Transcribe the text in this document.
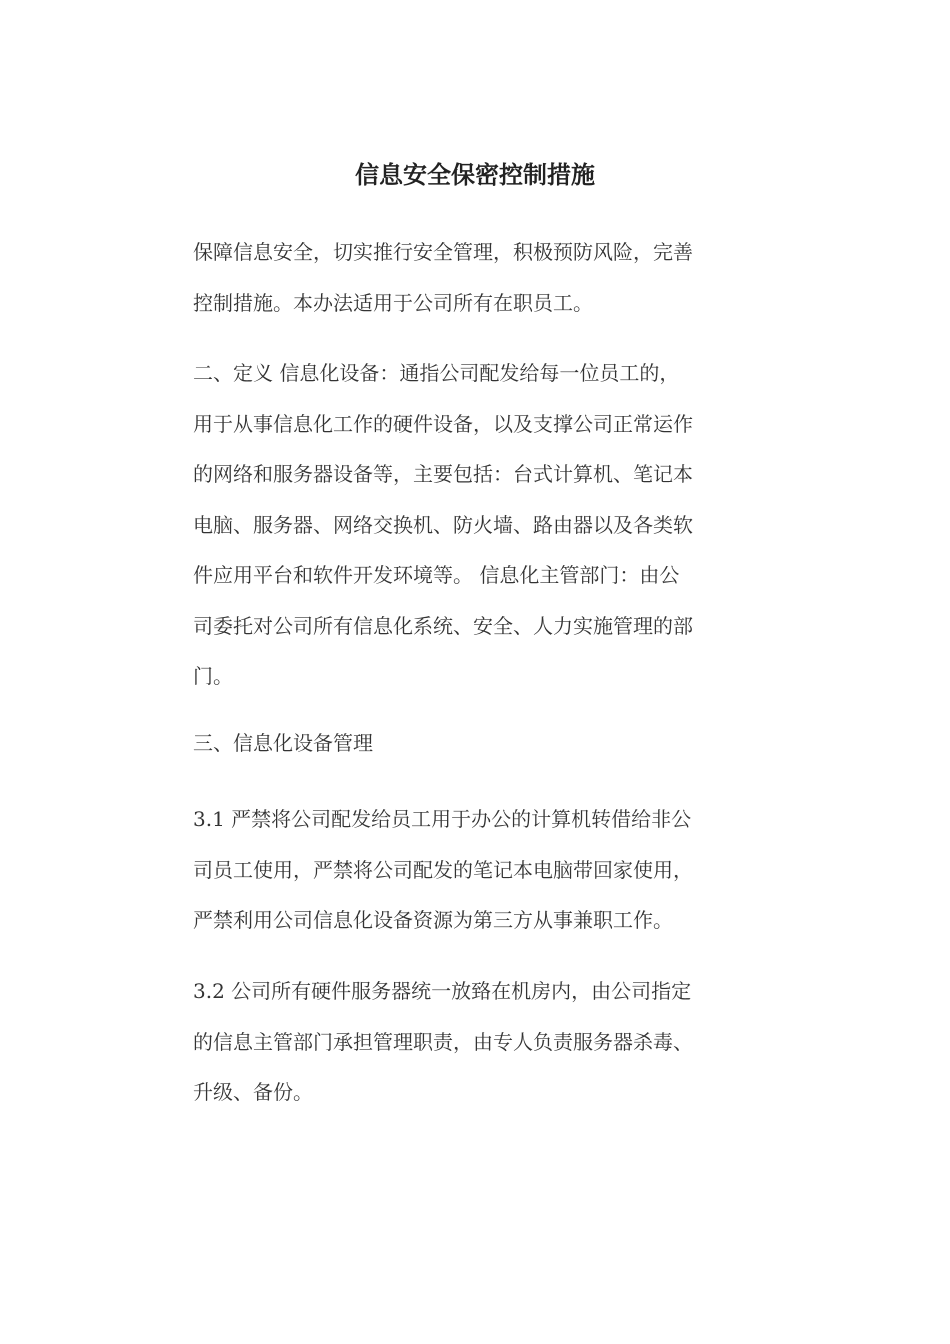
信息安全保密控制措施
保障信息安全，切实推行安全管理，积极预防风险，完善
控制措施。本办法适用于公司所有在职员工。
二、定义 信息化设备：通指公司配发给每一位员工的，
用于从事信息化工作的硬件设备，以及支撑公司正常运作
的网络和服务器设备等，主要包括：台式计算机、笔记本
电脑、服务器、网络交换机、防火墙、路由器以及各类软
件应用平台和软件开发环境等。 信息化主管部门：由公
司委托对公司所有信息化系统、安全、人力实施管理的部
门。
三、信息化设备管理
3.1 严禁将公司配发给员工用于办公的计算机转借给非公
司员工使用，严禁将公司配发的笔记本电脑带回家使用，
严禁利用公司信息化设备资源为第三方从事兼职工作。
3.2 公司所有硬件服务器统一放臵在机房内，由公司指定
的信息主管部门承担管理职责，由专人负责服务器杀毒、
升级、备份。
